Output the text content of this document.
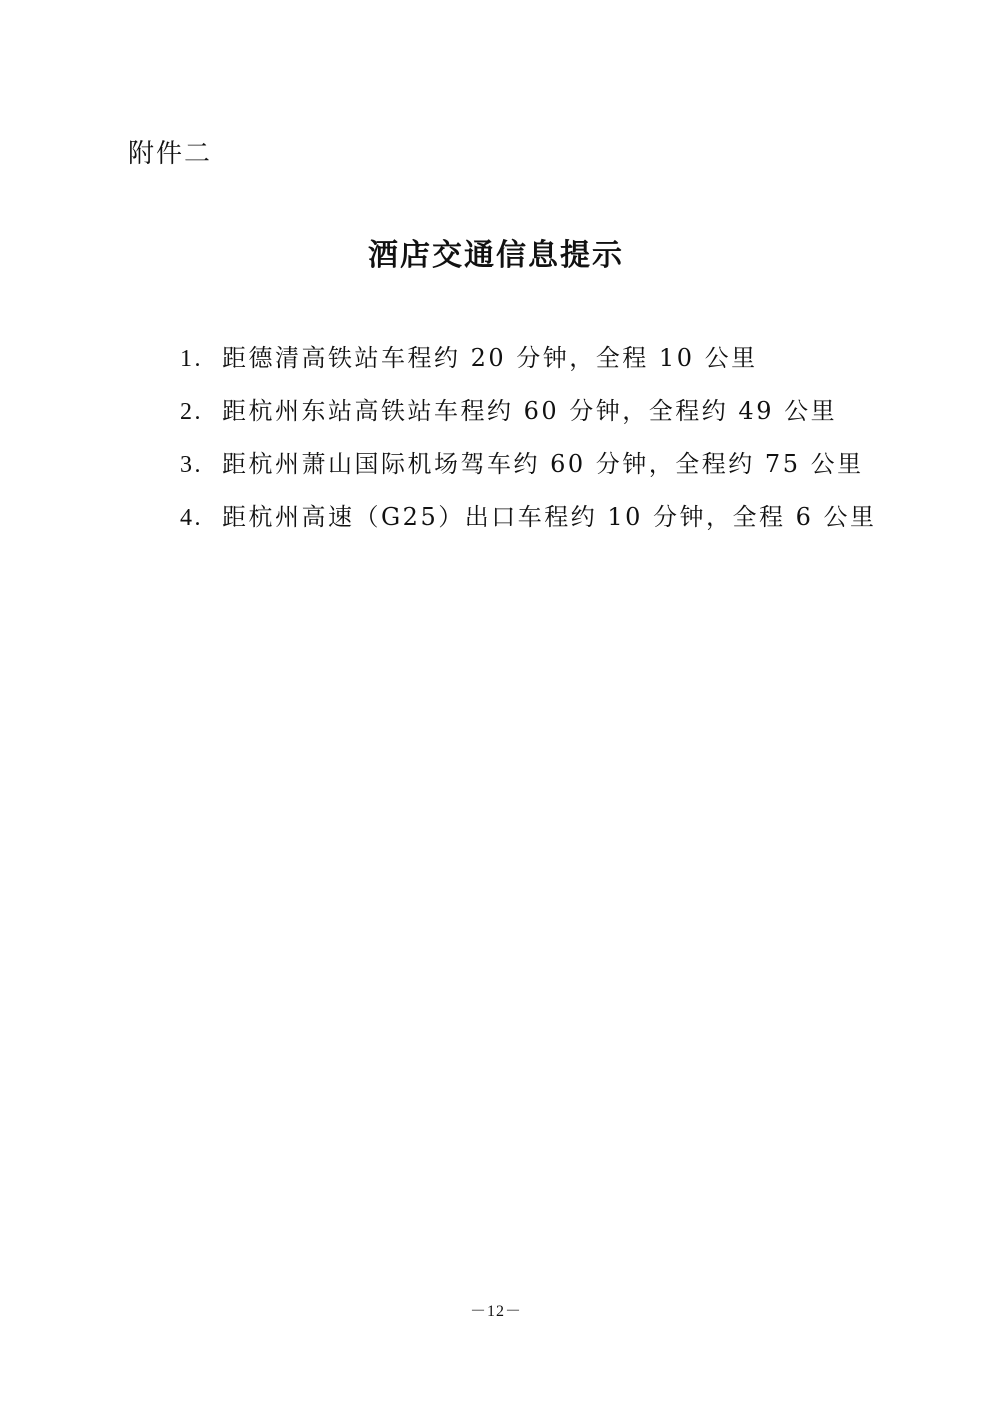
附件二
酒店交通信息提示
1. 距德清高铁站车程约 20 分钟，全程 10 公里
2. 距杭州东站高铁站车程约 60 分钟，全程约 49 公里
3. 距杭州萧山国际机场驾车约 60 分钟，全程约 75 公里
4. 距杭州高速（G25）出口车程约 10 分钟，全程 6 公里
－12－
